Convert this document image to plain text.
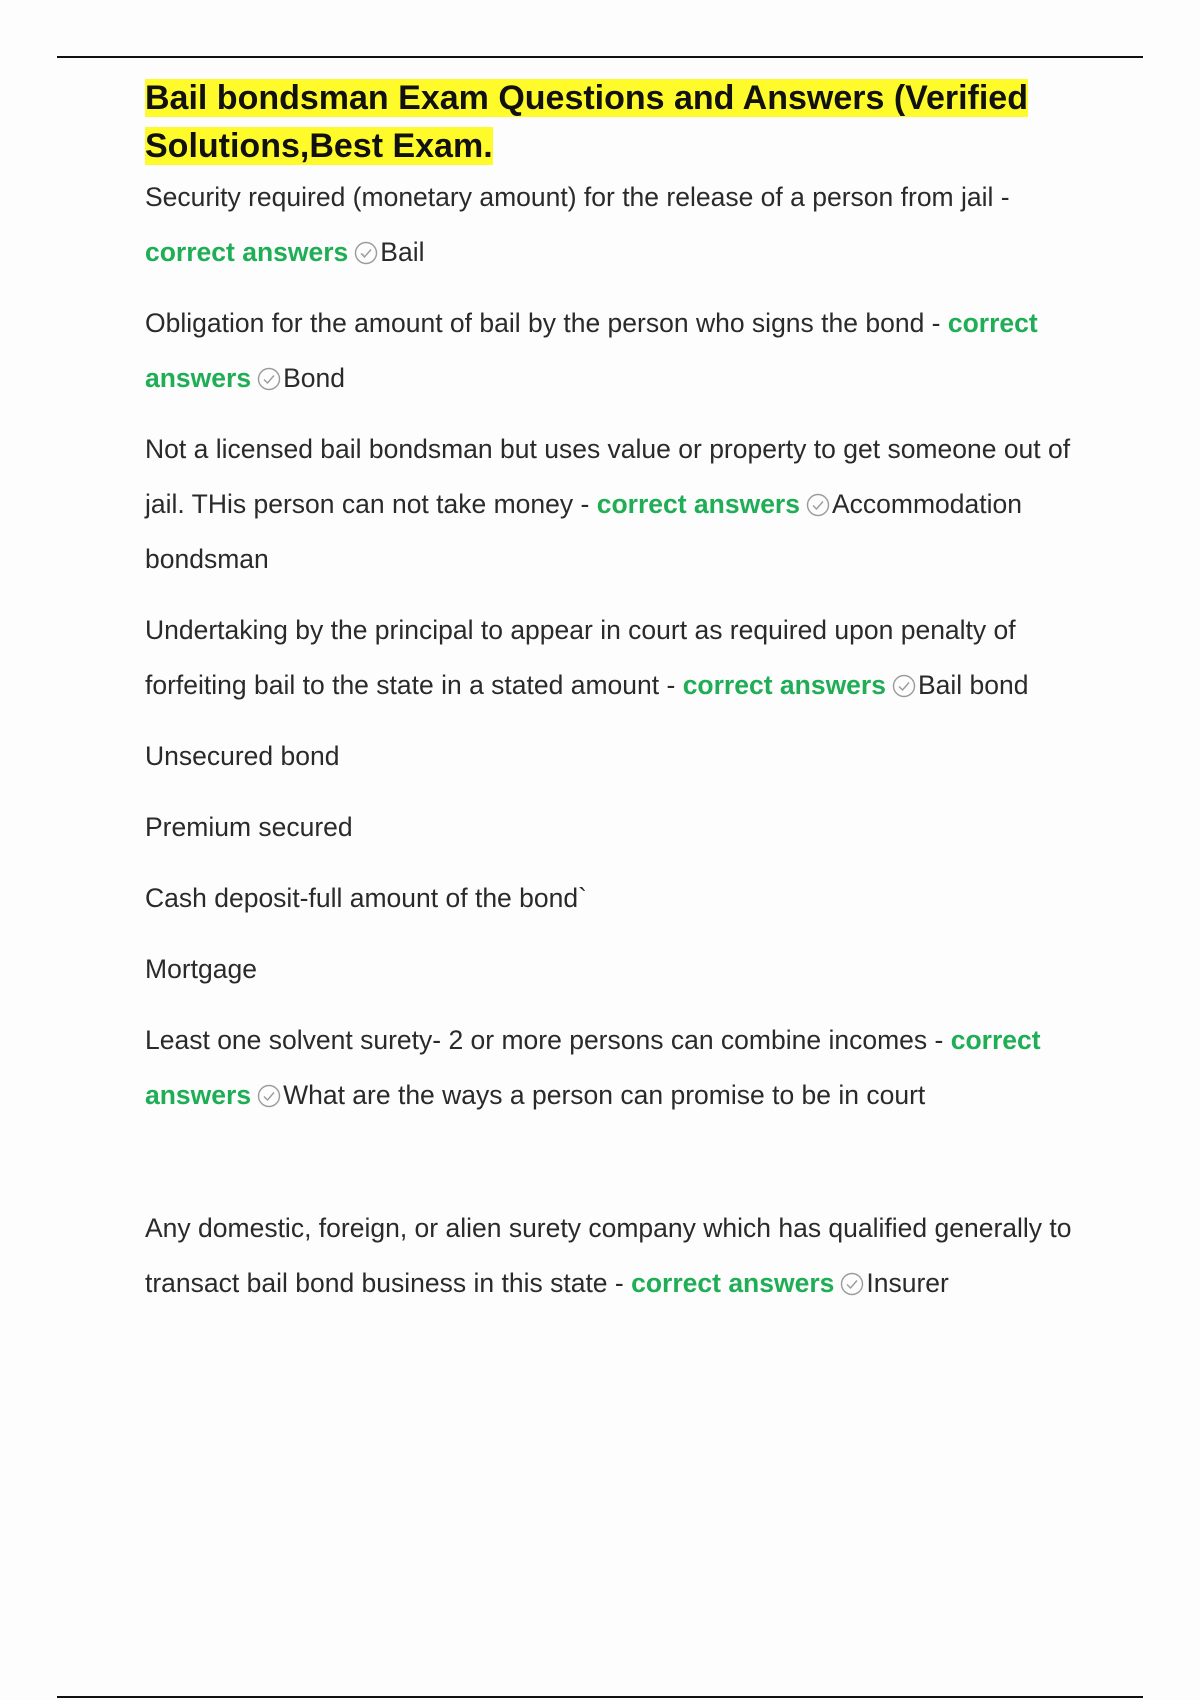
Bail bondsman Exam Questions and Answers (Verified Solutions,Best Exam.

Security required (monetary amount) for the release of a person from jail - correct answers Bail

Obligation for the amount of bail by the person who signs the bond - correct answers Bond

Not a licensed bail bondsman but uses value or property to get someone out of jail. THis person can not take money - correct answers Accommodation bondsman

Undertaking by the principal to appear in court as required upon penalty of forfeiting bail to the state in a stated amount - correct answers Bail bond

Unsecured bond

Premium secured

Cash deposit-full amount of the bond`

Mortgage

Least one solvent surety- 2 or more persons can combine incomes - correct answers What are the ways a person can promise to be in court

Any domestic, foreign, or alien surety company which has qualified generally to transact bail bond business in this state - correct answers Insurer
